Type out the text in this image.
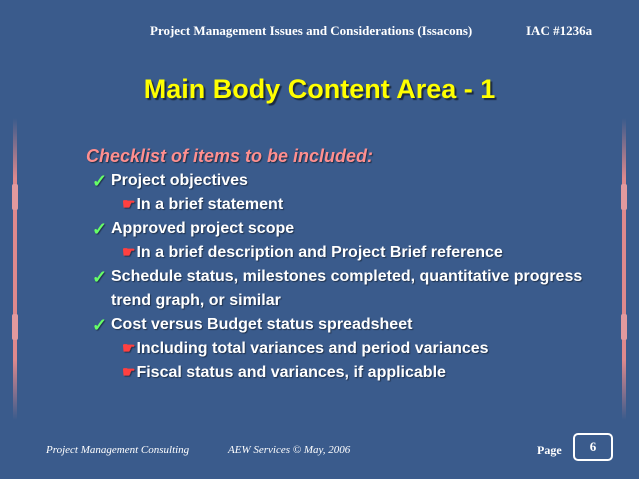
Project Management Issues and Considerations (Issacons)	IAC #1236a
Main Body Content Area - 1
Checklist of items to be included:
✓ Project objectives
☛In a brief statement
✓ Approved project scope
☛In a brief description and Project Brief reference
✓ Schedule status, milestones completed, quantitative progress trend graph, or similar
✓ Cost versus Budget status spreadsheet
☛Including total variances and period variances
☛Fiscal status and variances, if applicable
Project Management Consulting	AEW Services © May, 2006	Page	6
